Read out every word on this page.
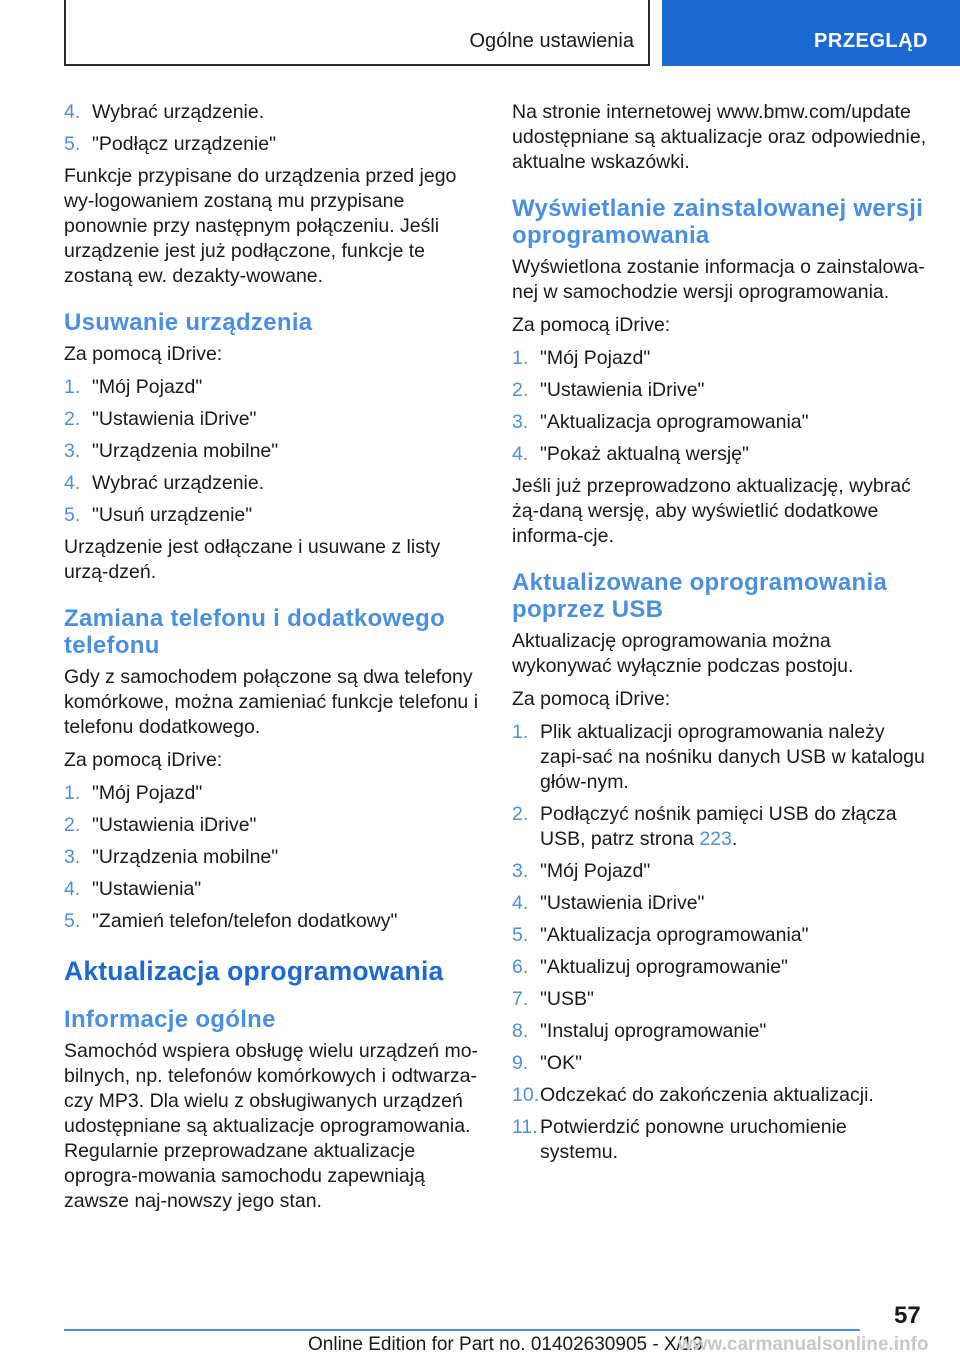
Ogólne ustawienia	PRZEGLĄD
4. Wybrać urządzenie.
5. "Podłącz urządzenie"

Funkcje przypisane do urządzenia przed jego wy-logowaniem zostaną mu przypisane ponownie przy następnym połączeniu. Jeśli urządzenie jest już podłączone, funkcje te zostaną ew. dezakty-wowane.

Usuwanie urządzenia

Za pomocą iDrive:

1. "Mój Pojazd"
2. "Ustawienia iDrive"
3. "Urządzenia mobilne"
4. Wybrać urządzenie.
5. "Usuń urządzenie"

Urządzenie jest odłączane i usuwane z listy urzą-dzeń.

Zamiana telefonu i dodatkowego telefonu

Gdy z samochodem połączone są dwa telefony komórkowe, można zamieniać funkcje telefonu i telefonu dodatkowego.

Za pomocą iDrive:

1. "Mój Pojazd"
2. "Ustawienia iDrive"
3. "Urządzenia mobilne"
4. "Ustawienia"
5. "Zamień telefon/telefon dodatkowy"
Aktualizacja oprogramowania
Informacje ogólne

Samochód wspiera obsługę wielu urządzeń mo-bilnych, np. telefonów komórkowych i odtwarza-czy MP3. Dla wielu z obsługiwanych urządzeń udostępniane są aktualizacje oprogramowania. Regularnie przeprowadzane aktualizacje oprogra-mowania samochodu zapewniają zawsze naj-nowszy jego stan.

Na stronie internetowej www.bmw.com/update udostępniane są aktualizacje oraz odpowiednie, aktualne wskazówki.

Wyświetlanie zainstalowanej wersji oprogramowania

Wyświetlona zostanie informacja o zainstalowa-nej w samochodzie wersji oprogramowania.

Za pomocą iDrive:

1. "Mój Pojazd"
2. "Ustawienia iDrive"
3. "Aktualizacja oprogramowania"
4. "Pokaż aktualną wersję"

Jeśli już przeprowadzono aktualizację, wybrać żą-daną wersję, aby wyświetlić dodatkowe informa-cje.

Aktualizowane oprogramowania poprzez USB

Aktualizację oprogramowania można wykonywać wyłącznie podczas postoju.

Za pomocą iDrive:

1. Plik aktualizacji oprogramowania należy zapi-sać na nośniku danych USB w katalogu głów-nym.
2. Podłączyć nośnik pamięci USB do złącza USB, patrz strona 223.
3. "Mój Pojazd"
4. "Ustawienia iDrive"
5. "Aktualizacja oprogramowania"
6. "Aktualizuj oprogramowanie"
7. "USB"
8. "Instaluj oprogramowanie"
9. "OK"
10. Odczekać do zakończenia aktualizacji.
11. Potwierdzić ponowne uruchomienie systemu.
57
Online Edition for Part no. 01402630905 - X/19
www.carmanualsonline.info
